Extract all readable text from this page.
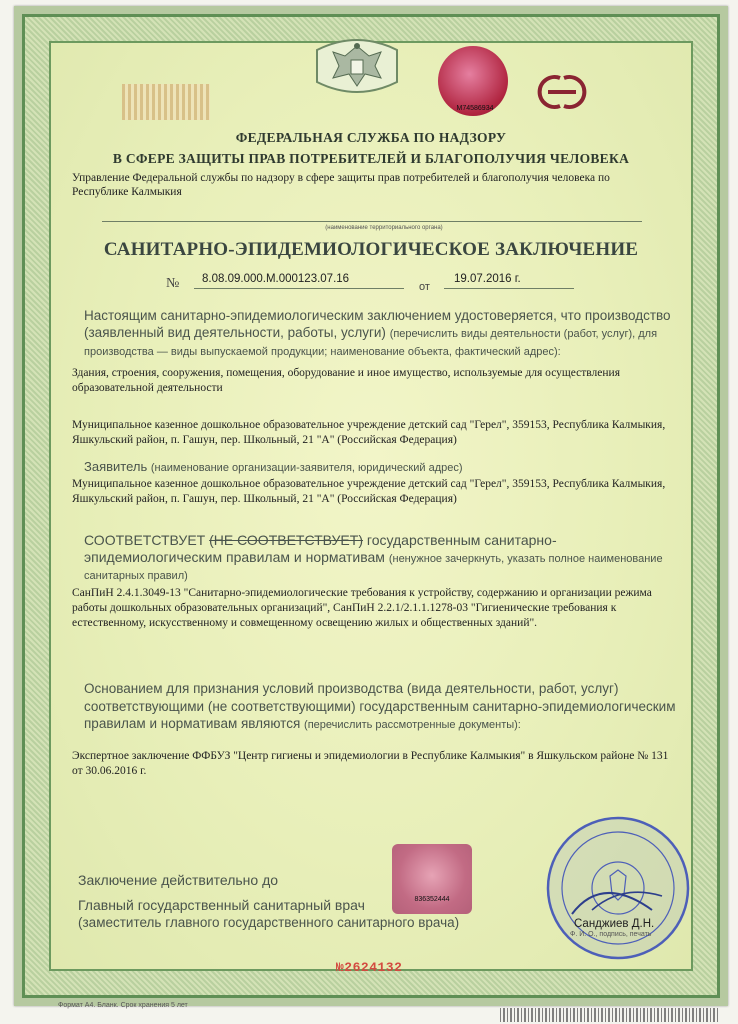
М74586934
ФЕДЕРАЛЬНАЯ СЛУЖБА ПО НАДЗОРУ
В СФЕРЕ ЗАЩИТЫ ПРАВ ПОТРЕБИТЕЛЕЙ И БЛАГОПОЛУЧИЯ ЧЕЛОВЕКА
Управление Федеральной службы по надзору в сфере защиты прав потребителей и благополучия человека по Республике Калмыкия
(наименование территориального органа)
САНИТАРНО-ЭПИДЕМИОЛОГИЧЕСКОЕ ЗАКЛЮЧЕНИЕ
№ 8.08.09.000.М.000123.07.16
от
19.07.2016 г.
Настоящим санитарно-эпидемиологическим заключением удостоверяется, что производство (заявленный вид деятельности, работы, услуги) (перечислить виды деятельности (работ, услуг), для производства — виды выпускаемой продукции; наименование объекта, фактический адрес):
Здания, строения, сооружения, помещения, оборудование и иное имущество, используемые для осуществления образовательной деятельности
Муниципальное казенное дошкольное образовательное учреждение детский сад "Герел", 359153, Республика Калмыкия, Яшкульский район, п. Гашун, пер. Школьный, 21 "А" (Российская Федерация)
Заявитель (наименование организации-заявителя, юридический адрес)
Муниципальное казенное дошкольное образовательное учреждение детский сад "Герел", 359153, Республика Калмыкия, Яшкульский район, п. Гашун, пер. Школьный, 21 "А" (Российская Федерация)
СООТВЕТСТВУЕТ (НЕ СООТВЕТСТВУЕТ) государственным санитарно-эпидемиологическим правилам и нормативам (ненужное зачеркнуть, указать полное наименование санитарных правил)
СанПиН 2.4.1.3049-13 "Санитарно-эпидемиологические требования к устройству, содержанию и организации режима работы дошкольных образовательных организаций", СанПиН 2.2.1/2.1.1.1278-03 "Гигиенические требования к естественному, искусственному и совмещенному освещению жилых и общественных зданий".
Основанием для признания условий производства (вида деятельности, работ, услуг) соответствующими (не соответствующими) государственным санитарно-эпидемиологическим правилам и нормативам являются (перечислить рассмотренные документы):
Экспертное заключение ФФБУЗ "Центр гигиены и эпидемиологии в Республике Калмыкия" в Яшкульском районе № 131 от 30.06.2016 г.
Заключение действительно до
Главный государственный санитарный врач
(заместитель главного государственного санитарного врача)
836352444
Санджиев Д.Н.
Ф. И. О., подпись, печать
№2624132
Формат А4. Бланк. Срок хранения 5 лет
